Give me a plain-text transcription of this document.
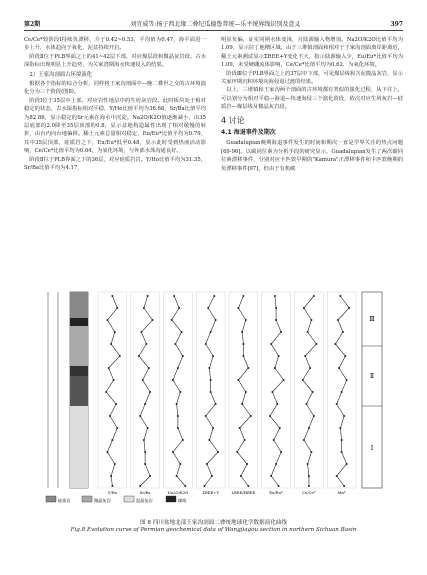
第2期	刘宜威等:扬子西北缘二叠纪瓜德鲁普统—乐平统界线识别及意义	397

Ce/Ce*较阶段Ⅰ持续负漂移，介于0.42~0.53，平均值为0.47，海平面进一步上升，水体趋向于氧化，泥盆持续开启。

阶段Ⅱ位于PLB界面之上的41~42层下部，对应煤层段和微晶灰岩段。古水深指标出现明显上升趋势，为关家湾期海水快速侵入的结果。

2）王家沟剖面古环境演化

根据各个指标的综合分析，同样将王家沟剖面中—晚二叠世之交的古环境演化分为三个阶段(图8)。

阶段Ⅰ位于35层中上部，对应岩性地层中的生屑灰岩段。此时板块处于相对稳定的状态，古水深指标相对平稳，Y/Ho比值平均为36.68，Sr/Ba比值平均为82.86，显示稳定的Sr元素在海水中沉淀。Na2O/K2O值逐渐减小，由35层底部的2.0降至35层顶部的0.8，显示盆地构造属性出现了相对缓慢的转折，由台内向台地偏移。稀土元素总量相对稳定，Eu/Eu*比值平均为0.79，其中35层顶部，硅质岩之下，Eu/Eu*低至0.48，显示此时受到热液活动影响，Ce/Ce*比值平均为0.64，为氧化环境，与外部水体沟通良好。

阶段Ⅱ位于PLB界面之下的36层，对应硅质岩岩。Y/Ho比值平均为31.35，Sr/Ba比值平均为4.17，

明显负偏，证实同期水体变浅，且陆源输入物增加。Na2O/K2O比值平均为1.09，显示拉丁地槽区域。由于三堆镇剖面和相对于王家沟剖面离岸距离近，稀土元素测试显示ΣREE+Y变化不大，指示陆源输入少，Eu/Eu*比值平均为1.09，未受硬硼流体影响，Ce/Ce*比值平均为0.62，为氧化环境。

阶段Ⅲ位于PLB界面之上的37层中下部，可见煤层线和含泥微晶灰岩，显示关家坪期沉积环境向海侵退过渡的结果。

以上，三堆镇和王家沟两个剖面的古环境都有类似的演化过程，从下往上，可以划分为相对平稳—海退—快速海侵三个演化阶段，依次对应生屑灰岩—硅质岩—煤层线及微晶灰岩段。

4 讨论
4.1 海退事件及期次

Guadalupian晚期海退事件发生的时间和期次一直是学界关注的热点问题[69-96]。以碳同位素为分析手段的研究显示，Guadalupian发生了两次碳同位素漂移事件，分别对应卡匹敦早期的"Kamura"正漂移事件和卡匹敦晚期的负漂移事件[97]，但由于有机碳

Ⅲ
Ⅱ
Ⅰ
Y/Ho	Sr/Ba	Na2O/K2O	ΣREE+Y	LREE/HREE	Eu/Eu*	Ce/Ce*	Mn*
硅质岩	微晶灰岩	泥晶灰岩	煤线
图 8 四川盆地北部王家沟剖面二叠统地球化学数据演化曲线
Fig.8 Evolution curve of Permian geochemical data of Wangjiagou section in northern Sichuan Basin
